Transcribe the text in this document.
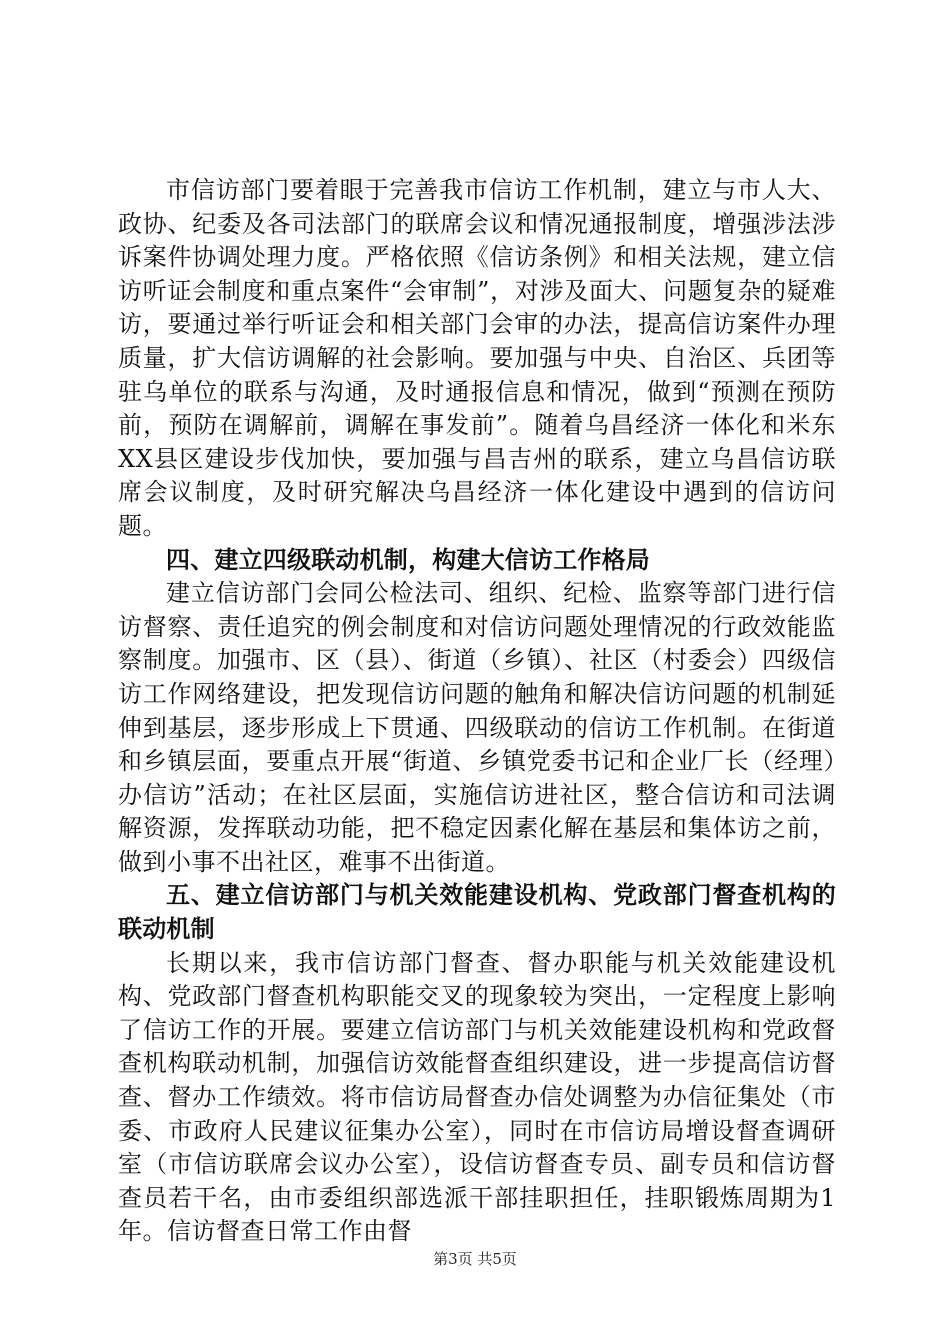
市信访部门要着眼于完善我市信访工作机制，建立与市人大、政协、纪委及各司法部门的联席会议和情况通报制度，增强涉法涉诉案件协调处理力度。严格依照《信访条例》和相关法规，建立信访听证会制度和重点案件“会审制”，对涉及面大、问题复杂的疑难访，要通过举行听证会和相关部门会审的办法，提高信访案件办理质量，扩大信访调解的社会影响。要加强与中央、自治区、兵团等驻乌单位的联系与沟通，及时通报信息和情况，做到“预测在预防前，预防在调解前，调解在事发前”。随着乌昌经济一体化和米东XX县区建设步伐加快，要加强与昌吉州的联系，建立乌昌信访联席会议制度，及时研究解决乌昌经济一体化建设中遇到的信访问题。

四、建立四级联动机制，构建大信访工作格局

建立信访部门会同公检法司、组织、纪检、监察等部门进行信访督察、责任追究的例会制度和对信访问题处理情况的行政效能监察制度。加强市、区（县）、街道（乡镇）、社区（村委会）四级信访工作网络建设，把发现信访问题的触角和解决信访问题的机制延伸到基层，逐步形成上下贯通、四级联动的信访工作机制。在街道和乡镇层面，要重点开展“街道、乡镇党委书记和企业厂长（经理）办信访”活动；在社区层面，实施信访进社区，整合信访和司法调解资源，发挥联动功能，把不稳定因素化解在基层和集体访之前，做到小事不出社区，难事不出街道。

五、建立信访部门与机关效能建设机构、党政部门督查机构的联动机制

长期以来，我市信访部门督查、督办职能与机关效能建设机构、党政部门督查机构职能交叉的现象较为突出，一定程度上影响了信访工作的开展。要建立信访部门与机关效能建设机构和党政督查机构联动机制，加强信访效能督查组织建设，进一步提高信访督查、督办工作绩效。将市信访局督查办信处调整为办信征集处（市委、市政府人民建议征集办公室），同时在市信访局增设督查调研室（市信访联席会议办公室），设信访督查专员、副专员和信访督查员若干名，由市委组织部选派干部挂职担任，挂职锻炼周期为1年。信访督查日常工作由督

第3页 共5页
